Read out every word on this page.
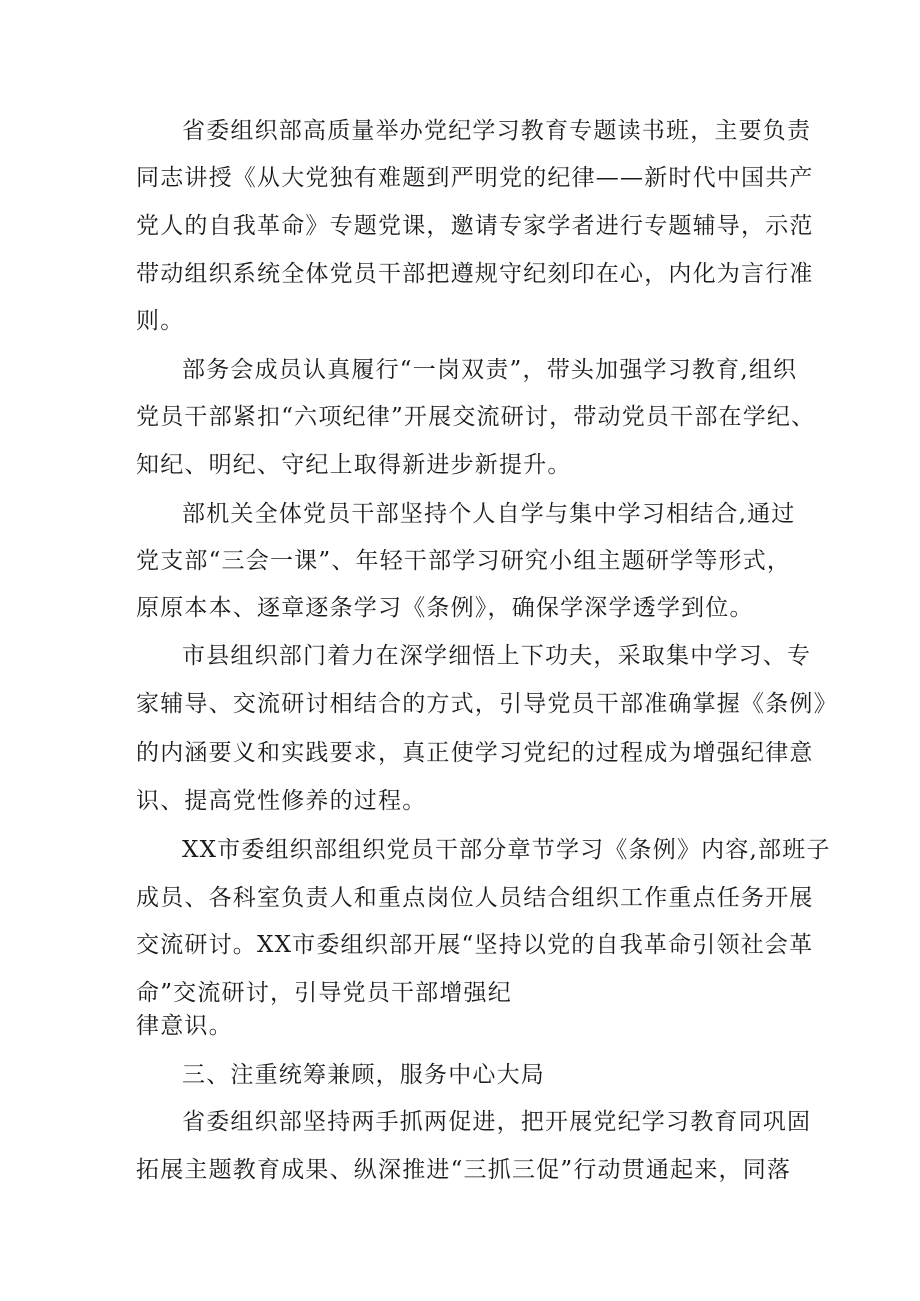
省委组织部高质量举办党纪学习教育专题读书班，主要负责
同志讲授《从大党独有难题到严明党的纪律——新时代中国共产
党人的自我革命》专题党课，邀请专家学者进行专题辅导，示范
带动组织系统全体党员干部把遵规守纪刻印在心，内化为言行准
则。
部务会成员认真履行“一岗双责”，带头加强学习教育,组织
党员干部紧扣“六项纪律”开展交流研讨，带动党员干部在学纪、
知纪、明纪、守纪上取得新进步新提升。
部机关全体党员干部坚持个人自学与集中学习相结合,通过
党支部“三会一课”、年轻干部学习研究小组主题研学等形式，
原原本本、逐章逐条学习《条例》，确保学深学透学到位。
市县组织部门着力在深学细悟上下功夫，采取集中学习、专
家辅导、交流研讨相结合的方式，引导党员干部准确掌握《条例》
的内涵要义和实践要求，真正使学习党纪的过程成为增强纪律意
识、提高党性修养的过程。
XX市委组织部组织党员干部分章节学习《条例》内容,部班子
成员、各科室负责人和重点岗位人员结合组织工作重点任务开展
交流研讨。XX市委组织部开展“坚持以党的自我革命引领社会革
命”交流研讨，引导党员干部增强纪
律意识。
三、注重统筹兼顾，服务中心大局
省委组织部坚持两手抓两促进，把开展党纪学习教育同巩固
拓展主题教育成果、纵深推进“三抓三促”行动贯通起来，同落
